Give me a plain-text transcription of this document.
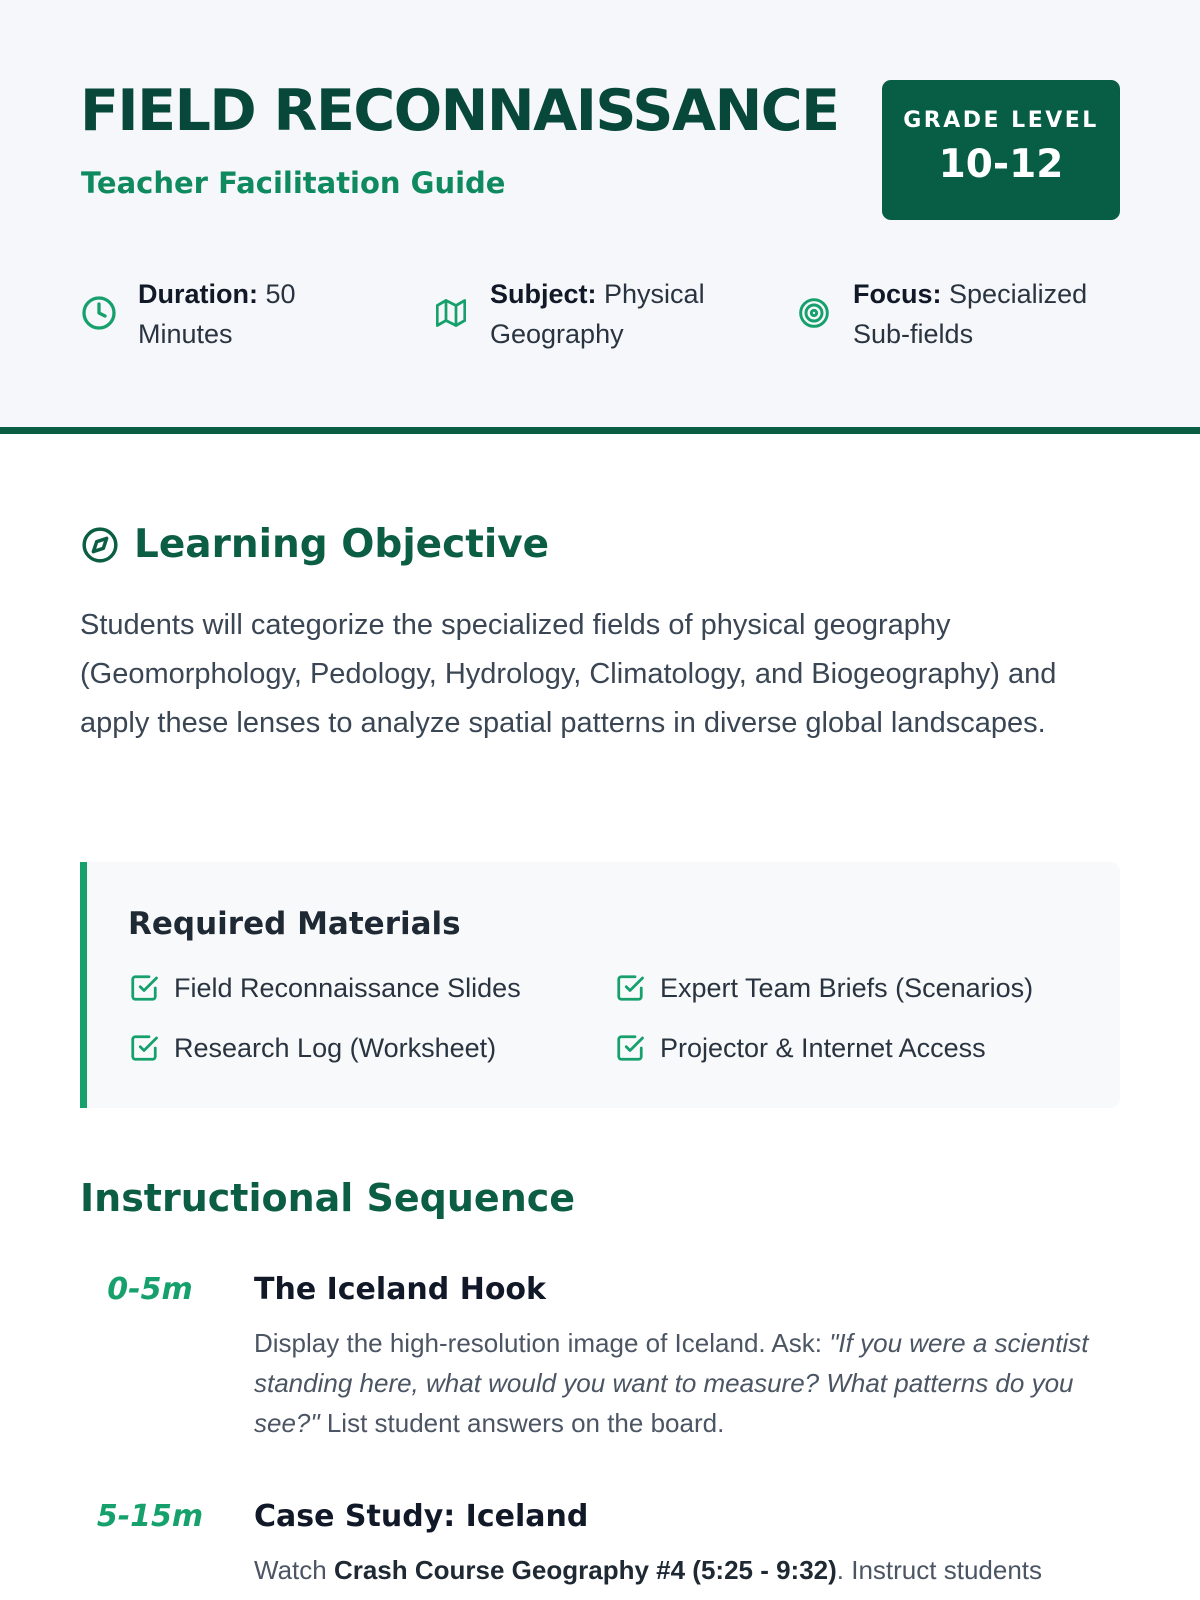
FIELD RECONNAISSANCE
Teacher Facilitation Guide
GRADE LEVEL
10-12
Duration: 50 Minutes
Subject: Physical Geography
Focus: Specialized Sub-fields
Learning Objective

Students will categorize the specialized fields of physical geography (Geomorphology, Pedology, Hydrology, Climatology, and Biogeography) and apply these lenses to analyze spatial patterns in diverse global landscapes.

Required Materials
Field Reconnaissance Slides	Expert Team Briefs (Scenarios)
Research Log (Worksheet)	Projector & Internet Access
Instructional Sequence
0-5m	The Iceland Hook

Display the high-resolution image of Iceland. Ask: "If you were a scientist standing here, what would you want to measure? What patterns do you see?" List student answers on the board.

5-15m	Case Study: Iceland

Watch Crash Course Geography #4 (5:25 - 9:32). Instruct students
